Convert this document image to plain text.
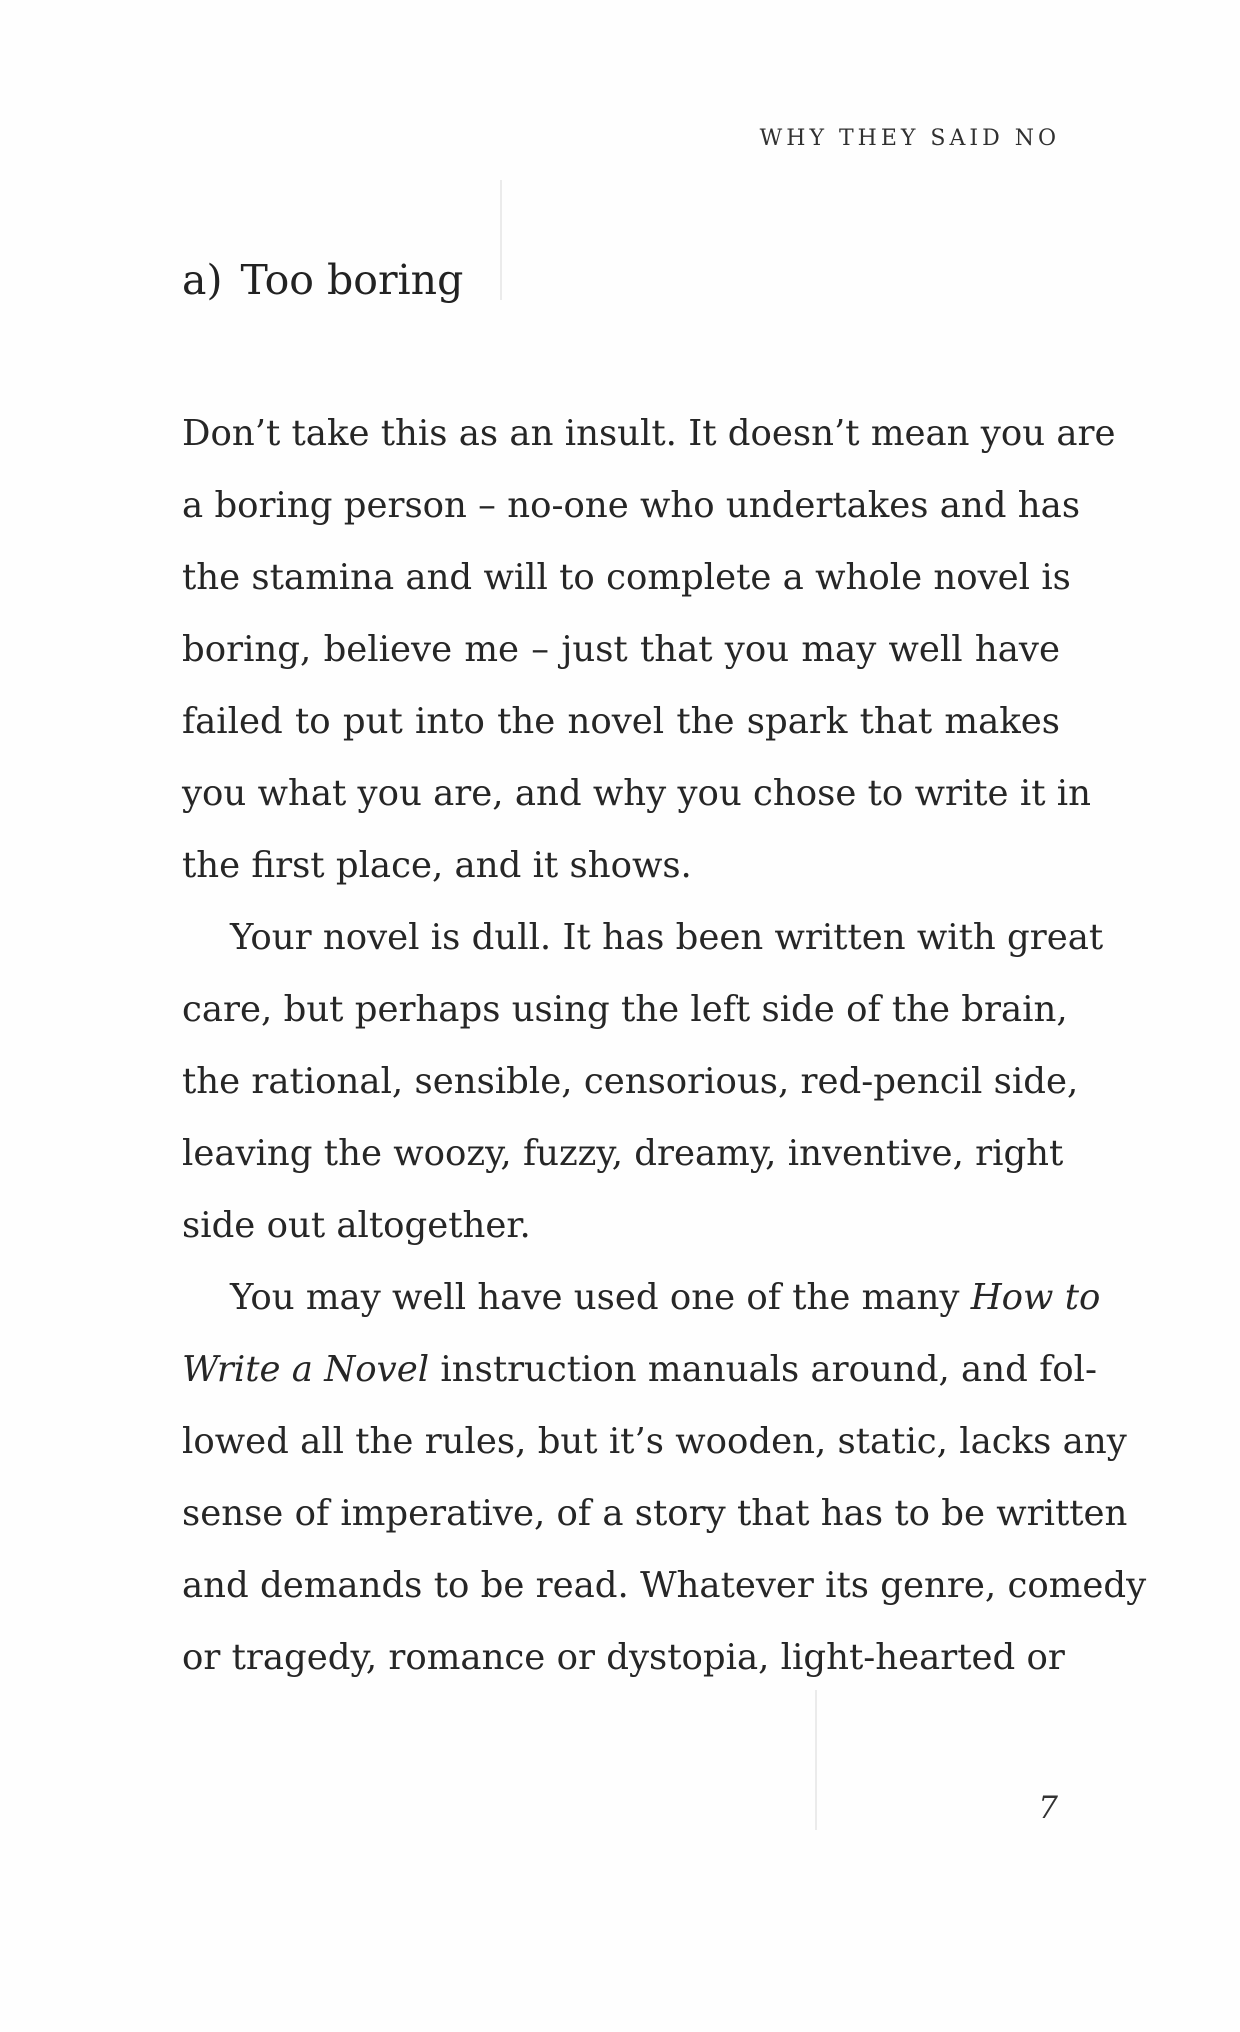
WHY THEY SAID NO
a) Too boring
Don’t take this as an insult. It doesn’t mean you are
a boring person – no-one who undertakes and has
the stamina and will to complete a whole novel is
boring, believe me – just that you may well have
failed to put into the novel the spark that makes
you what you are, and why you chose to write it in
the first place, and it shows.
Your novel is dull. It has been written with great
care, but perhaps using the left side of the brain,
the rational, sensible, censorious, red-pencil side,
leaving the woozy, fuzzy, dreamy, inventive, right
side out altogether.
You may well have used one of the many How to
Write a Novel instruction manuals around, and fol-
lowed all the rules, but it’s wooden, static, lacks any
sense of imperative, of a story that has to be written
and demands to be read. Whatever its genre, comedy
or tragedy, romance or dystopia, light-hearted or
7
